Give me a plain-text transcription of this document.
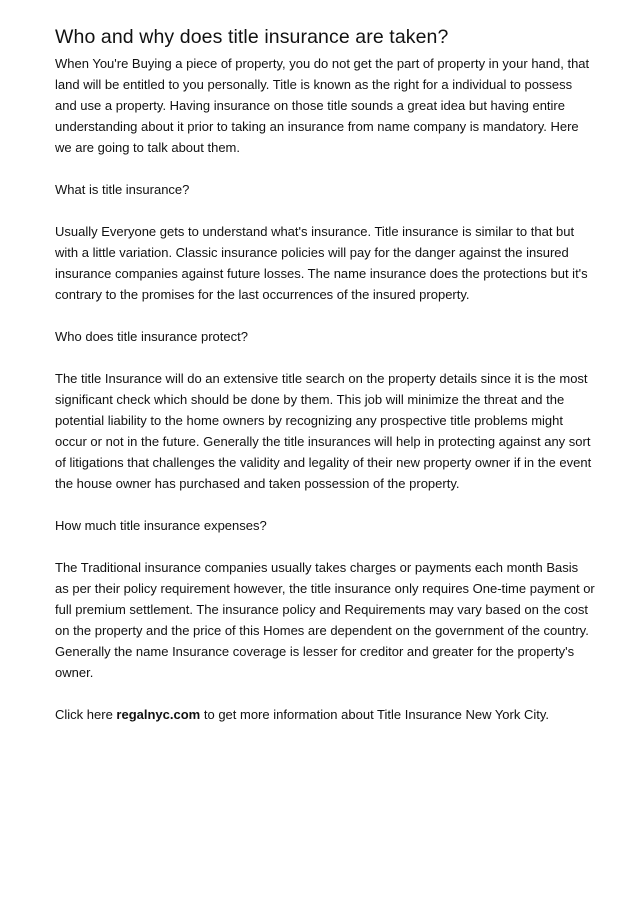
Who and why does title insurance are taken?

When You're Buying a piece of property, you do not get the part of property in your hand, that land will be entitled to you personally. Title is known as the right for a individual to possess and use a property. Having insurance on those title sounds a great idea but having entire understanding about it prior to taking an insurance from name company is mandatory. Here we are going to talk about them.

What is title insurance?

Usually Everyone gets to understand what's insurance. Title insurance is similar to that but with a little variation. Classic insurance policies will pay for the danger against the insured insurance companies against future losses. The name insurance does the protections but it's contrary to the promises for the last occurrences of the insured property.

Who does title insurance protect?

The title Insurance will do an extensive title search on the property details since it is the most significant check which should be done by them. This job will minimize the threat and the potential liability to the home owners by recognizing any prospective title problems might occur or not in the future. Generally the title insurances will help in protecting against any sort of litigations that challenges the validity and legality of their new property owner if in the event the house owner has purchased and taken possession of the property.

How much title insurance expenses?

The Traditional insurance companies usually takes charges or payments each month Basis as per their policy requirement however, the title insurance only requires One-time payment or full premium settlement. The insurance policy and Requirements may vary based on the cost on the property and the price of this Homes are dependent on the government of the country. Generally the name Insurance coverage is lesser for creditor and greater for the property's owner.

Click here regalnyc.com to get more information about Title Insurance New York City.
